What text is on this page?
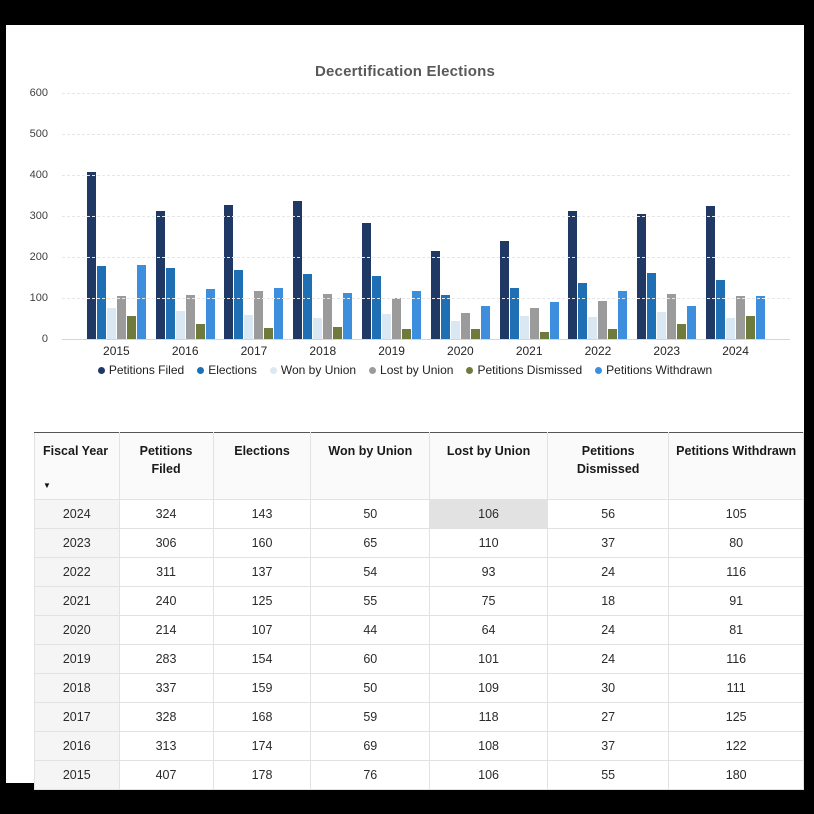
Decertification Elections
600
500
400
300
200
100
0
2015	2016	2017	2018	2019	2020	2021	2022	2023	2024
Petitions Filed Elections Won by Union Lost by Union Petitions Dismissed Petitions Withdrawn
Fiscal Year
▼	Petitions Filed	Elections	Won by Union	Lost by Union	Petitions Dismissed	Petitions Withdrawn
2024	324	143	50	106	56	105
2023	306	160	65	110	37	80
2022	311	137	54	93	24	116
2021	240	125	55	75	18	91
2020	214	107	44	64	24	81
2019	283	154	60	101	24	116
2018	337	159	50	109	30	111
2017	328	168	59	118	27	125
2016	313	174	69	108	37	122
2015	407	178	76	106	55	180
